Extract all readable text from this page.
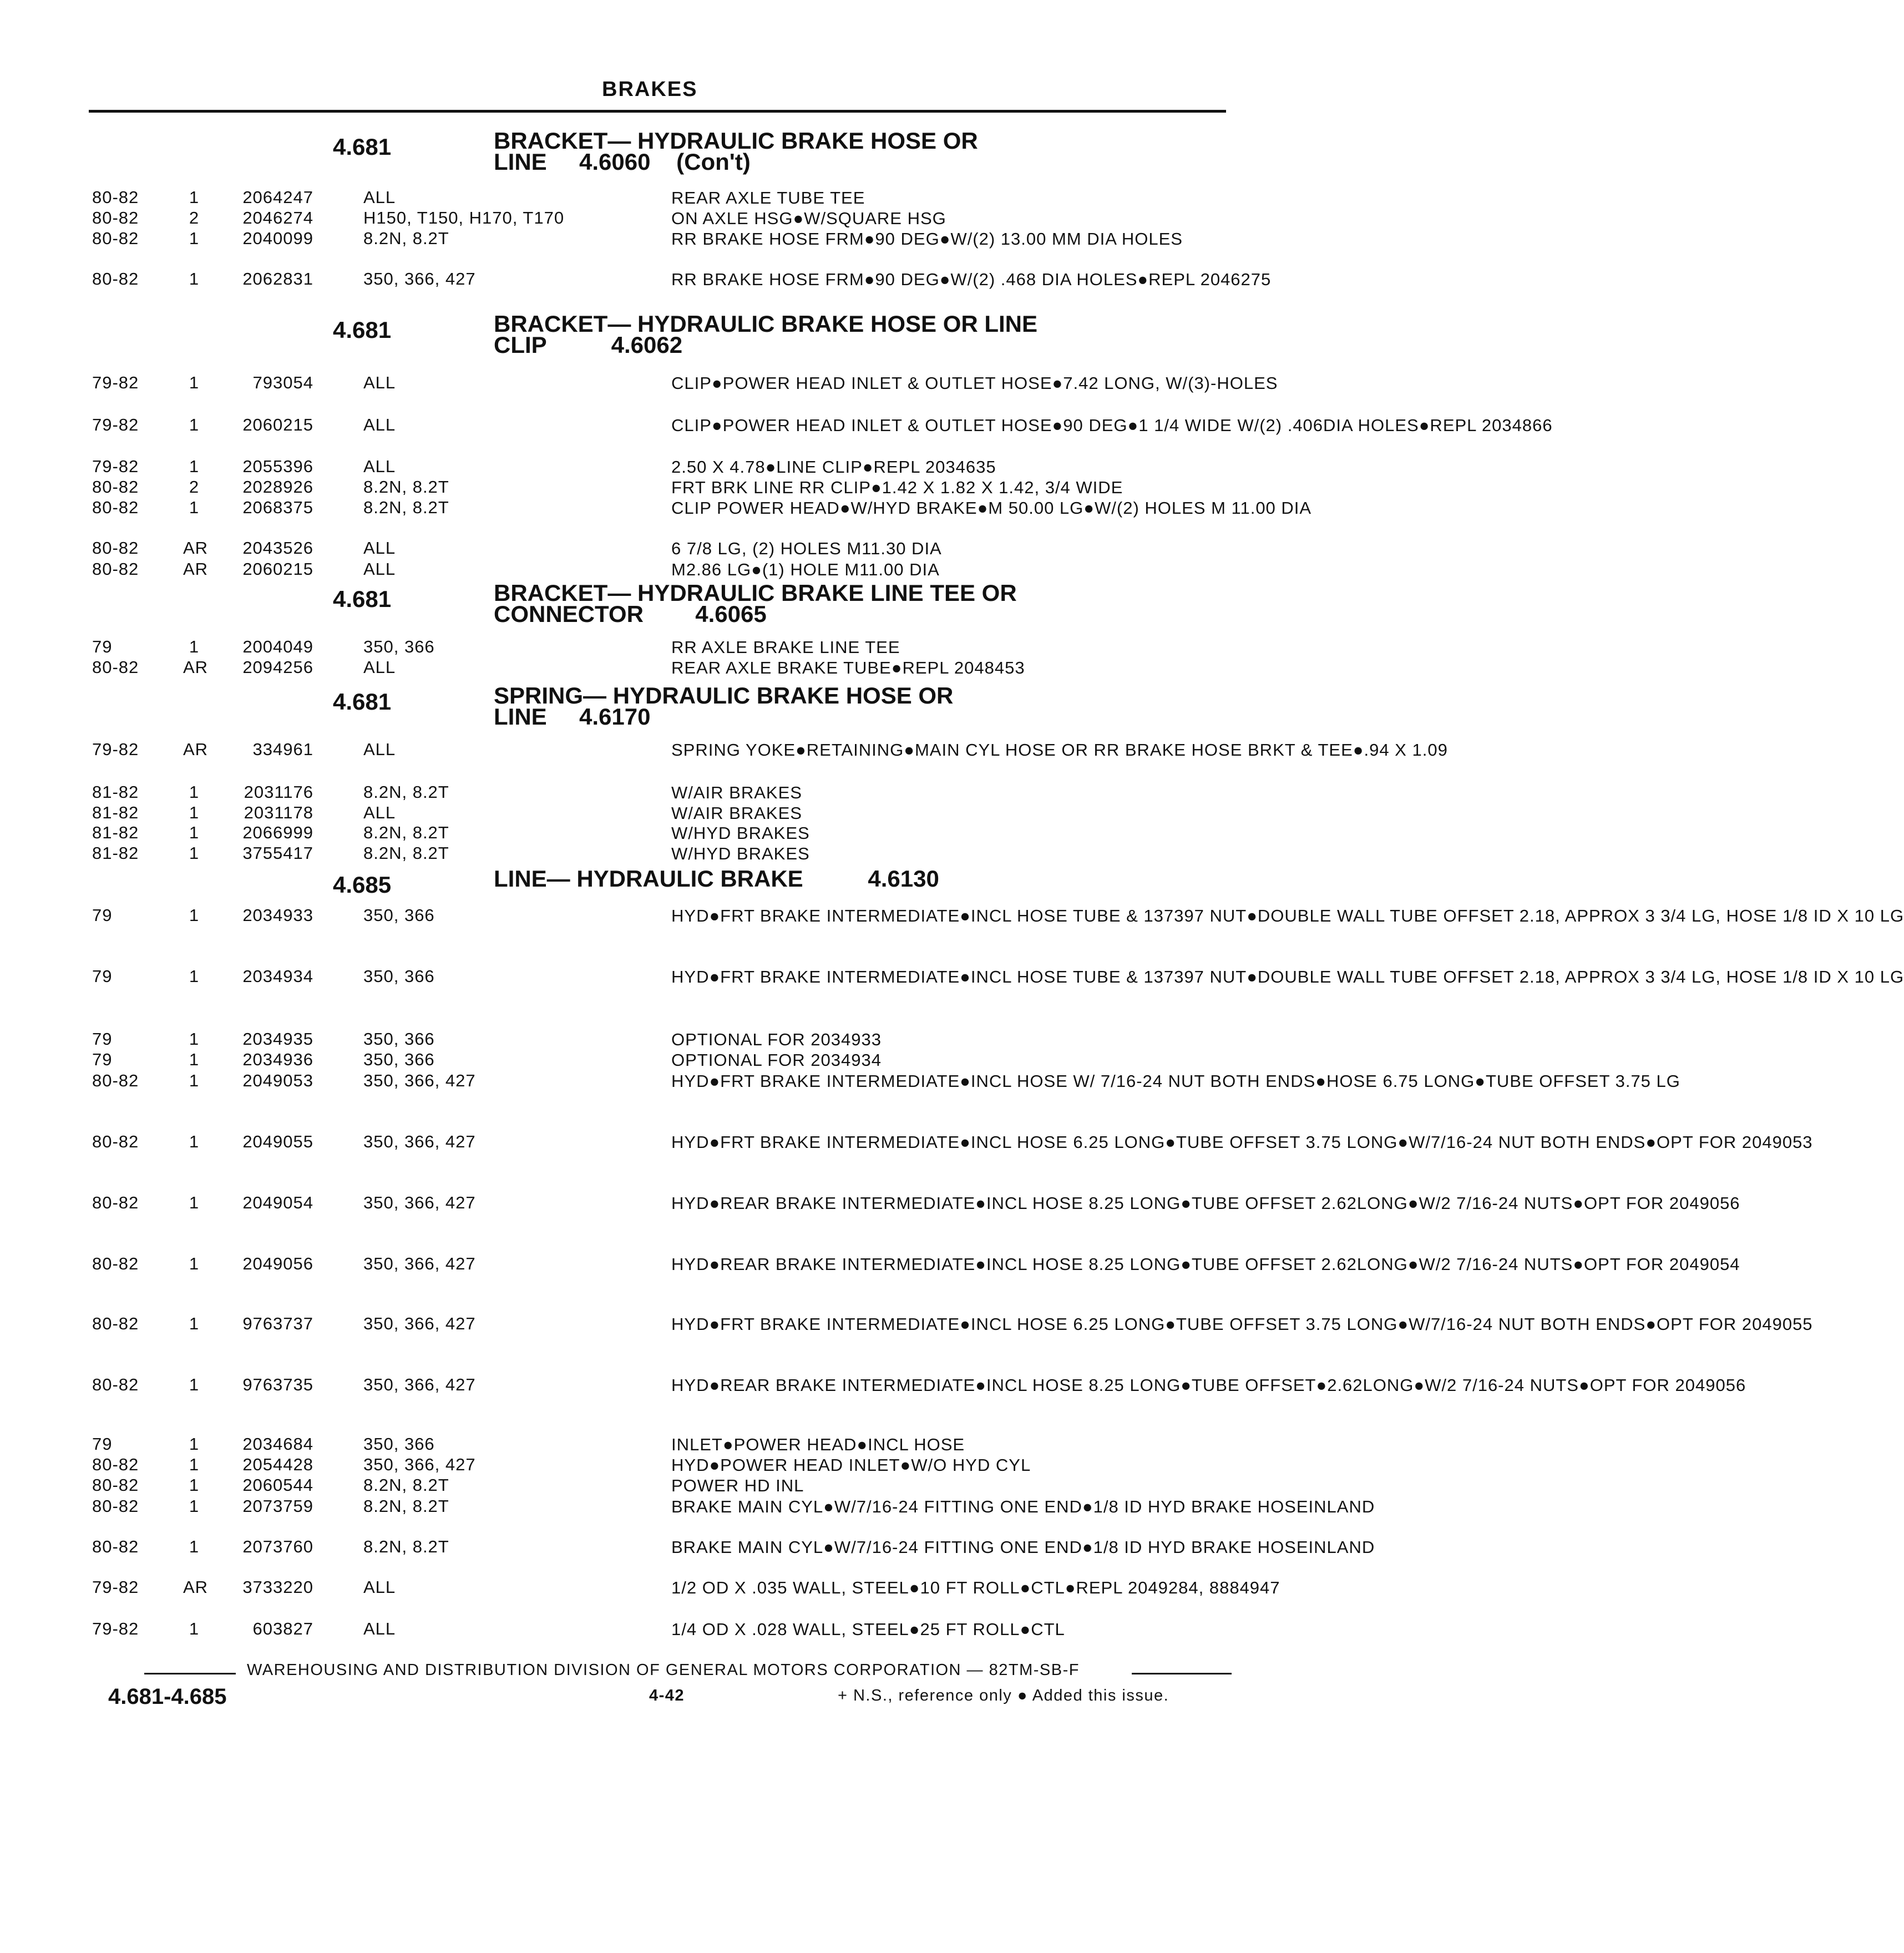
BRAKES
4.681	BRACKET— HYDRAULIC BRAKE HOSE OR
LINE     4.6060    (Con't)
80-82	1	2064247	ALL	REAR AXLE TUBE TEE
80-82	2	2046274	H150, T150, H170, T170	ON AXLE HSG●W/SQUARE HSG
80-82	1	2040099	8.2N, 8.2T	RR BRAKE HOSE FRM●90 DEG●W/(2) 13.00 MM DIA HOLES
80-82	1	2062831	350, 366, 427	RR BRAKE HOSE FRM●90 DEG●W/(2) .468 DIA HOLES●REPL 2046275
4.681	BRACKET— HYDRAULIC BRAKE HOSE OR LINE
CLIP          4.6062
79-82	1	793054	ALL	CLIP●POWER HEAD INLET & OUTLET HOSE●7.42 LONG, W/(3)-HOLES
79-82	1	2060215	ALL	CLIP●POWER HEAD INLET & OUTLET HOSE●90 DEG●1 1/4 WIDE W/(2) .406DIA HOLES●REPL 2034866
79-82	1	2055396	ALL	2.50 X 4.78●LINE CLIP●REPL 2034635
80-82	2	2028926	8.2N, 8.2T	FRT BRK LINE RR CLIP●1.42 X 1.82 X 1.42, 3/4 WIDE
80-82	1	2068375	8.2N, 8.2T	CLIP POWER HEAD●W/HYD BRAKE●M 50.00 LG●W/(2) HOLES M 11.00 DIA
80-82	AR	2043526	ALL	6 7/8 LG, (2) HOLES M11.30 DIA
80-82	AR	2060215	ALL	M2.86 LG●(1) HOLE M11.00 DIA
4.681	BRACKET— HYDRAULIC BRAKE LINE TEE OR
CONNECTOR        4.6065
79	1	2004049	350, 366	RR AXLE BRAKE LINE TEE
80-82	AR	2094256	ALL	REAR AXLE BRAKE TUBE●REPL 2048453
4.681	SPRING— HYDRAULIC BRAKE HOSE OR
LINE     4.6170
79-82	AR	334961	ALL	SPRING YOKE●RETAINING●MAIN CYL HOSE OR RR BRAKE HOSE BRKT & TEE●.94 X 1.09
81-82	1	2031176	8.2N, 8.2T	W/AIR BRAKES
81-82	1	2031178	ALL	W/AIR BRAKES
81-82	1	2066999	8.2N, 8.2T	W/HYD BRAKES
81-82	1	3755417	8.2N, 8.2T	W/HYD BRAKES
4.685	LINE— HYDRAULIC BRAKE          4.6130
79	1	2034933	350, 366	HYD●FRT BRAKE INTERMEDIATE●INCL HOSE TUBE & 137397 NUT●DOUBLE WALL TUBE OFFSET 2.18, APPROX 3 3/4 LG, HOSE 1/8 ID X 10 LG
79	1	2034934	350, 366	HYD●FRT BRAKE INTERMEDIATE●INCL HOSE TUBE & 137397 NUT●DOUBLE WALL TUBE OFFSET 2.18, APPROX 3 3/4 LG, HOSE 1/8 ID X 10 LG
79	1	2034935	350, 366	OPTIONAL FOR 2034933
79	1	2034936	350, 366	OPTIONAL FOR 2034934
80-82	1	2049053	350, 366, 427	HYD●FRT BRAKE INTERMEDIATE●INCL HOSE W/ 7/16-24 NUT BOTH ENDS●HOSE 6.75 LONG●TUBE OFFSET 3.75 LG
80-82	1	2049055	350, 366, 427	HYD●FRT BRAKE INTERMEDIATE●INCL HOSE 6.25 LONG●TUBE OFFSET 3.75 LONG●W/7/16-24 NUT BOTH ENDS●OPT FOR 2049053
80-82	1	2049054	350, 366, 427	HYD●REAR BRAKE INTERMEDIATE●INCL HOSE 8.25 LONG●TUBE OFFSET 2.62LONG●W/2 7/16-24 NUTS●OPT FOR 2049056
80-82	1	2049056	350, 366, 427	HYD●REAR BRAKE INTERMEDIATE●INCL HOSE 8.25 LONG●TUBE OFFSET 2.62LONG●W/2 7/16-24 NUTS●OPT FOR 2049054
80-82	1	9763737	350, 366, 427	HYD●FRT BRAKE INTERMEDIATE●INCL HOSE 6.25 LONG●TUBE OFFSET 3.75 LONG●W/7/16-24 NUT BOTH ENDS●OPT FOR 2049055
80-82	1	9763735	350, 366, 427	HYD●REAR BRAKE INTERMEDIATE●INCL HOSE 8.25 LONG●TUBE OFFSET●2.62LONG●W/2 7/16-24 NUTS●OPT FOR 2049056
79	1	2034684	350, 366	INLET●POWER HEAD●INCL HOSE
80-82	1	2054428	350, 366, 427	HYD●POWER HEAD INLET●W/O HYD CYL
80-82	1	2060544	8.2N, 8.2T	POWER HD INL
80-82	1	2073759	8.2N, 8.2T	BRAKE MAIN CYL●W/7/16-24 FITTING ONE END●1/8 ID HYD BRAKE HOSEINLAND
80-82	1	2073760	8.2N, 8.2T	BRAKE MAIN CYL●W/7/16-24 FITTING ONE END●1/8 ID HYD BRAKE HOSEINLAND
79-82	AR	3733220	ALL	1/2 OD X .035 WALL, STEEL●10 FT ROLL●CTL●REPL 2049284, 8884947
79-82	1	603827	ALL	1/4 OD X .028 WALL, STEEL●25 FT ROLL●CTL
WAREHOUSING AND DISTRIBUTION DIVISION OF GENERAL MOTORS CORPORATION — 82TM-SB-F
4.681-4.685	4-42	+ N.S., reference only ● Added this issue.
